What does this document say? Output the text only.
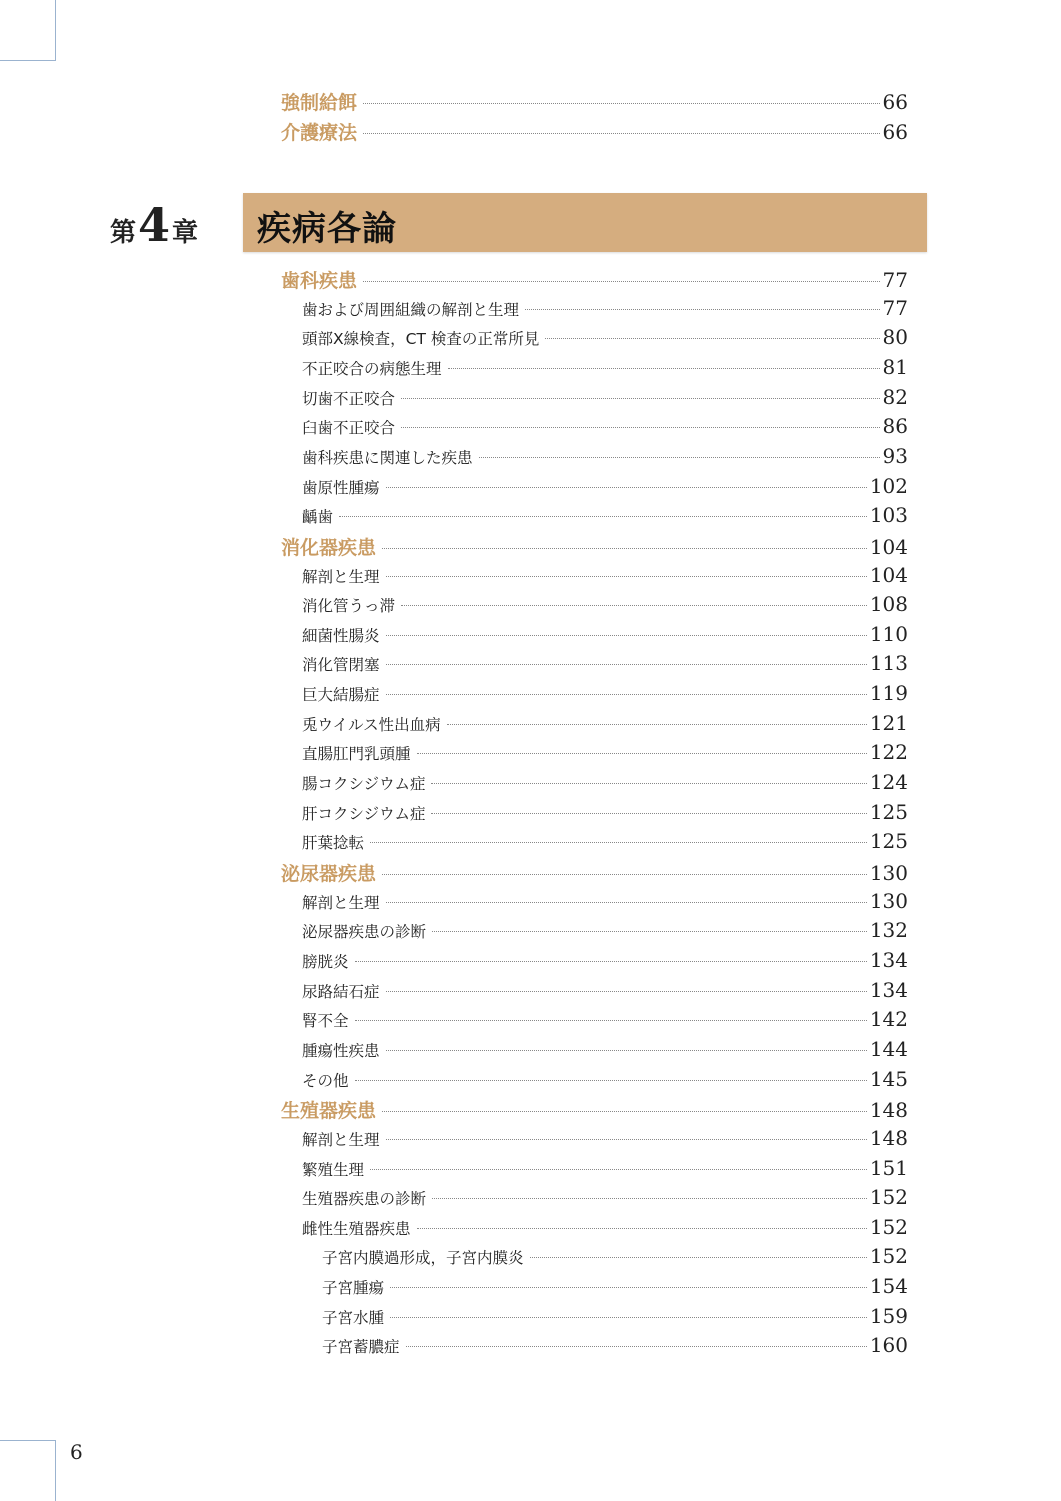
第4章 疾病各論
強制給餌	66
介護療法	66
歯科疾患	77
歯および周囲組織の解剖と生理	77
頭部X線検査，CT 検査の正常所見	80
不正咬合の病態生理	81
切歯不正咬合	82
臼歯不正咬合	86
歯科疾患に関連した疾患	93
歯原性腫瘍	102
齲歯	103
消化器疾患	104
解剖と生理	104
消化管うっ滞	108
細菌性腸炎	110
消化管閉塞	113
巨大結腸症	119
兎ウイルス性出血病	121
直腸肛門乳頭腫	122
腸コクシジウム症	124
肝コクシジウム症	125
肝葉捻転	125
泌尿器疾患	130
解剖と生理	130
泌尿器疾患の診断	132
膀胱炎	134
尿路結石症	134
腎不全	142
腫瘍性疾患	144
その他	145
生殖器疾患	148
解剖と生理	148
繁殖生理	151
生殖器疾患の診断	152
雌性生殖器疾患	152
子宮内膜過形成，子宮内膜炎	152
子宮腫瘍	154
子宮水腫	159
子宮蓄膿症	160
6
